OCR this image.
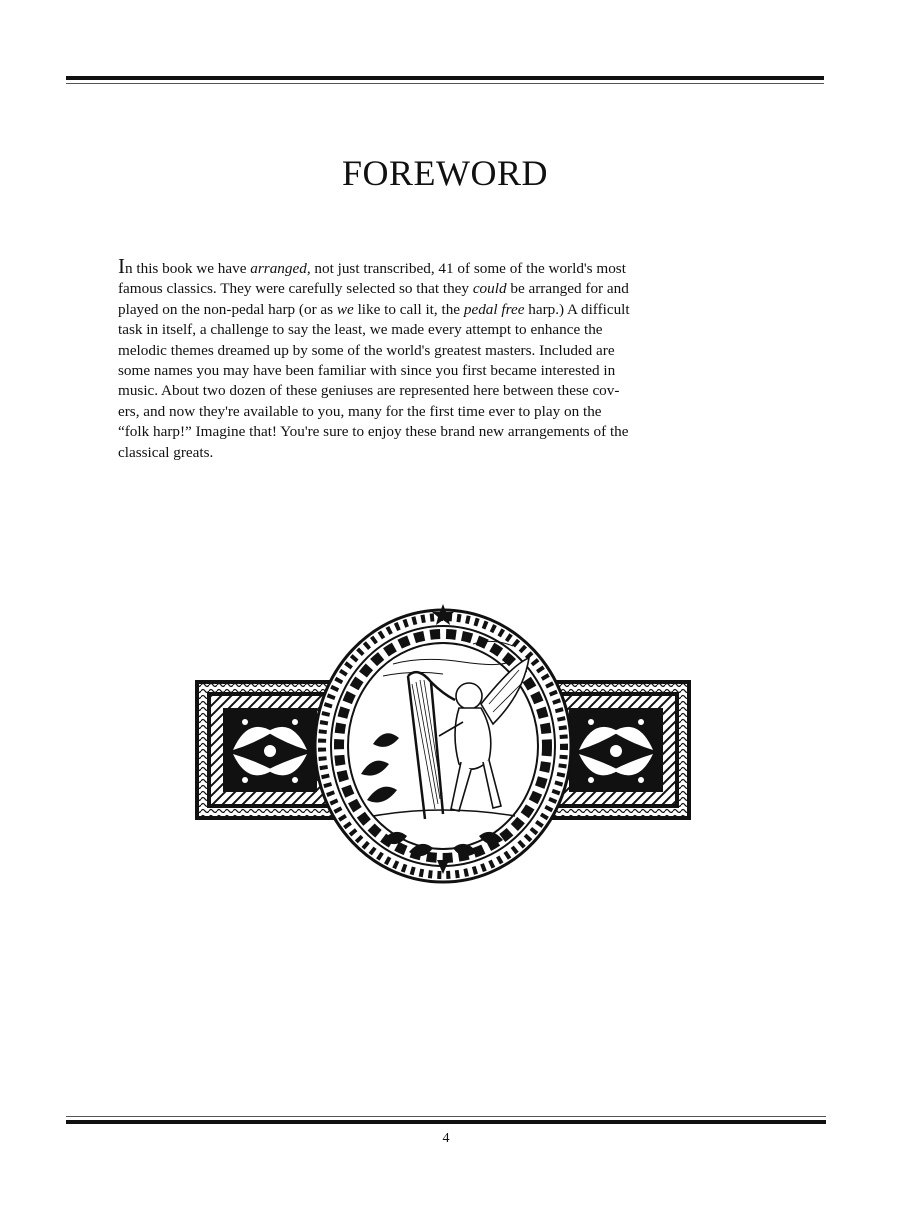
FOREWORD
In this book we have arranged, not just transcribed, 41 of some of the world's most
famous classics. They were carefully selected so that they could be arranged for and
played on the non-pedal harp (or as we like to call it, the pedal free harp.) A difficult
task in itself, a challenge to say the least, we made every attempt to enhance the
melodic themes dreamed up by some of the world's greatest masters. Included are
some names you may have been familiar with since you first became interested in
music. About two dozen of these geniuses are represented here between these cov-
ers, and now they're available to you, many for the first time ever to play on the
“folk harp!” Imagine that! You're sure to enjoy these brand new arrangements of the
classical greats.
4
